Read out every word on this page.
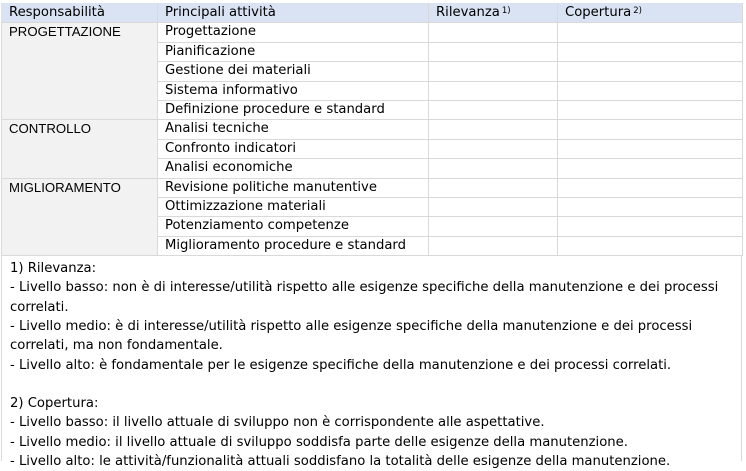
Responsabilità	Principali attività	Rilevanza $^{1)}$	Copertura $^{2)}$
PROGETTAZIONE	Progettazione		
	Pianificazione		
	Gestione dei materiali		
	Sistema informativo		
	Definizione procedure e standard		
CONTROLLO	Analisi tecniche		
	Confronto indicatori		
	Analisi economiche		
MIGLIORAMENTO	Revisione politiche manutentive		
	Ottimizzazione materiali		
	Potenziamento competenze		
	Miglioramento procedure e standard		

1) Rilevanza:

- Livello basso: non è di interesse/utilità rispetto alle esigenze specifiche della manutenzione e dei processi

correlati.

- Livello medio: è di interesse/utilità rispetto alle esigenze specifiche della manutenzione e dei processi

correlati, ma non fondamentale.

- Livello alto: è fondamentale per le esigenze specifiche della manutenzione e dei processi correlati.

2) Copertura:

- Livello basso: il livello attuale di sviluppo non è corrispondente alle aspettative.

- Livello medio: il livello attuale di sviluppo soddisfa parte delle esigenze della manutenzione.

- Livello alto: le attività/funzionalità attuali soddisfano la totalità delle esigenze della manutenzione.
